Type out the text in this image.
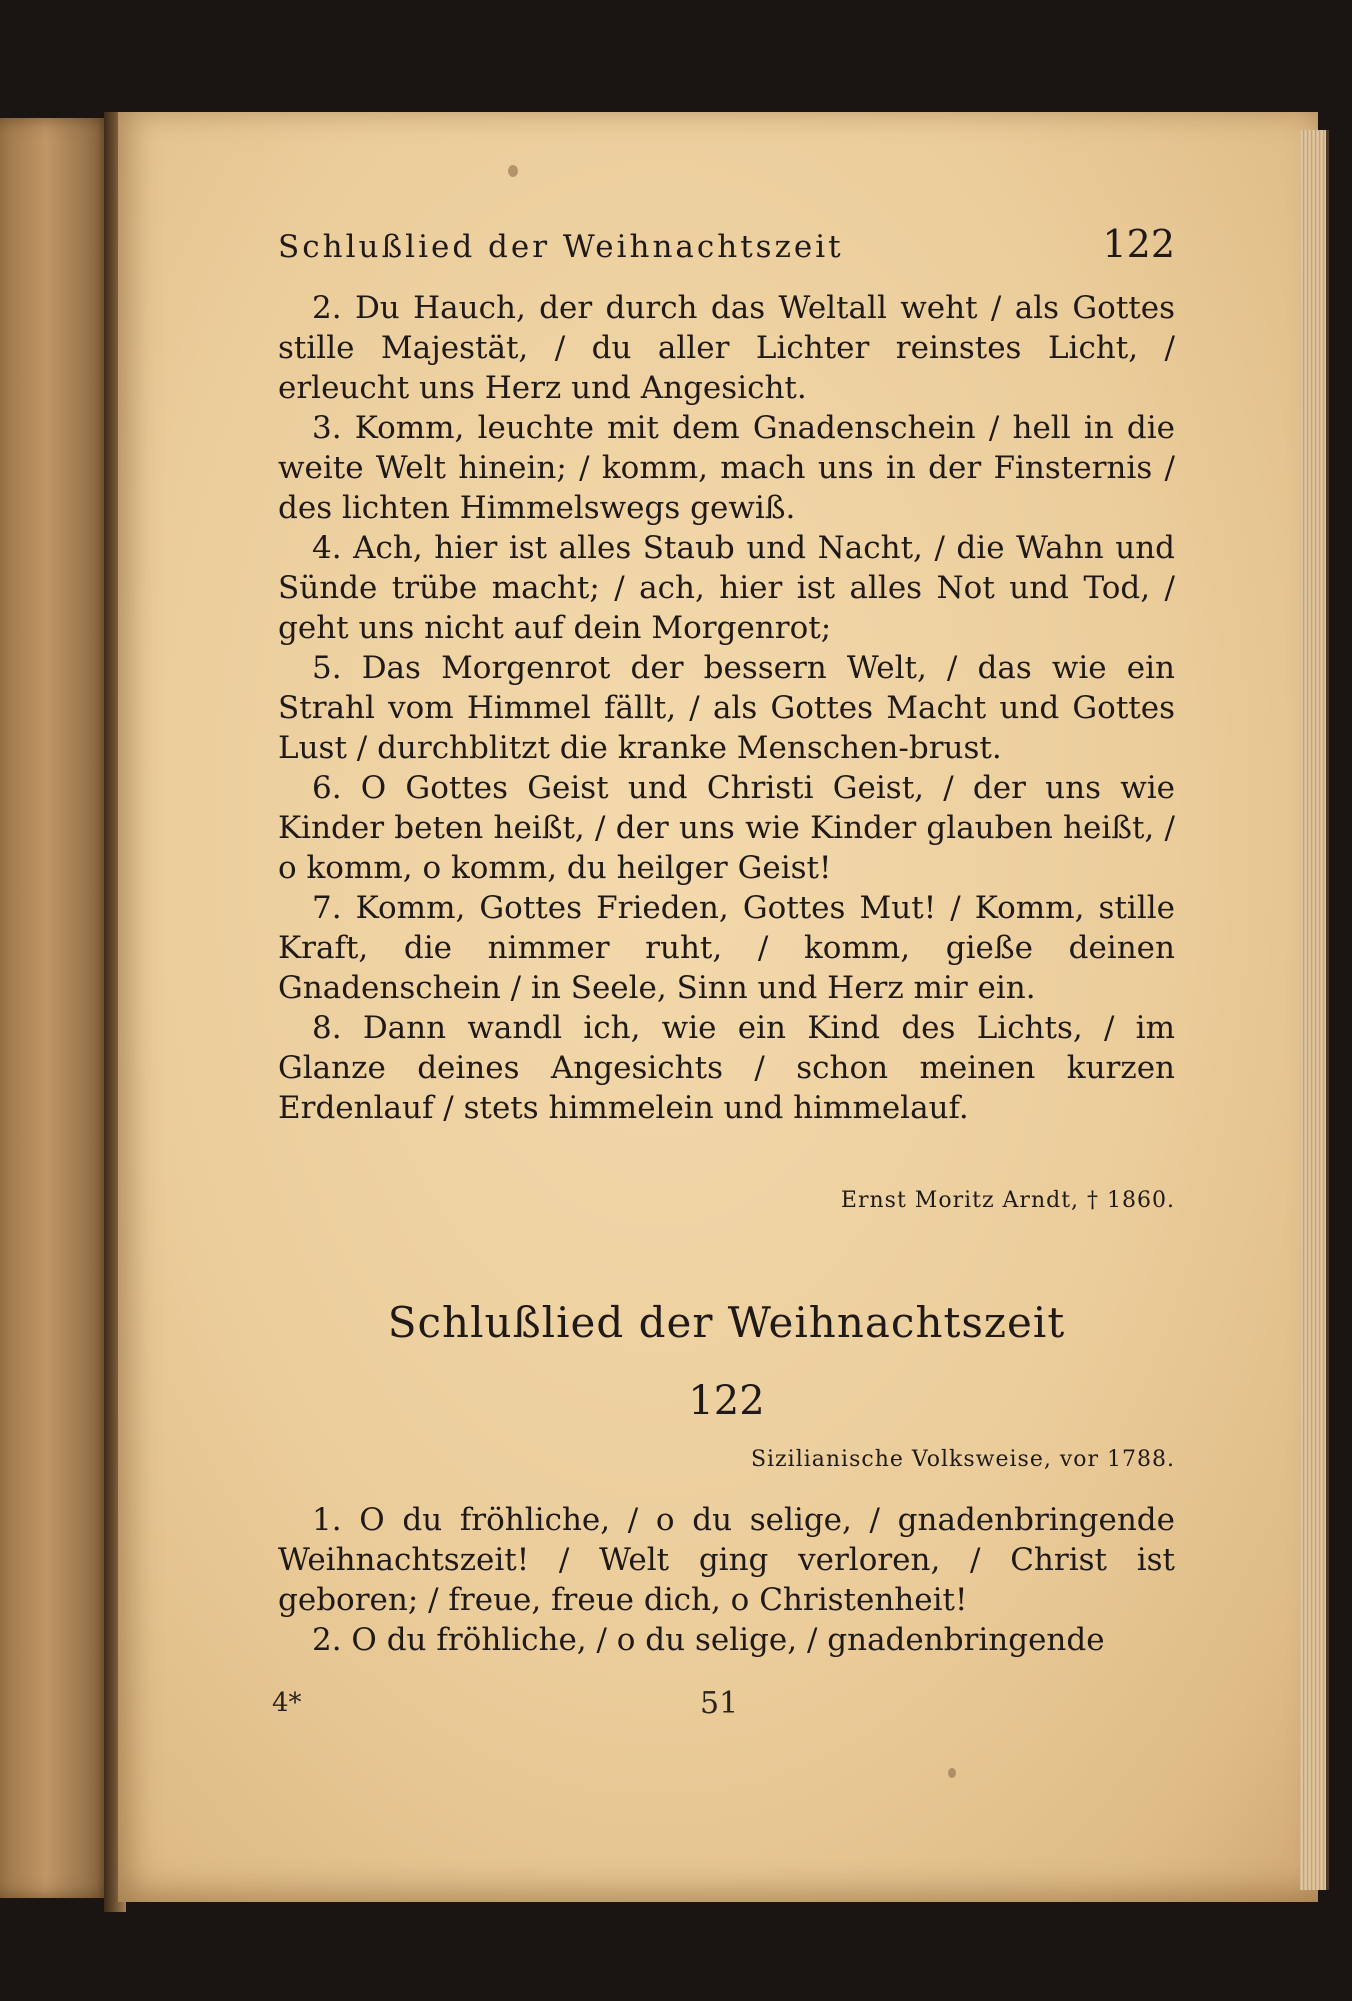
Schlußlied der Weihnachtszeit	122

2. Du Hauch, der durch das Weltall weht / als Gottes stille Majestät, / du aller Lichter reinstes Licht, / erleucht uns Herz und Angesicht.

3. Komm, leuchte mit dem Gnadenschein / hell in die weite Welt hinein; / komm, mach uns in der Finsternis / des lichten Himmelswegs gewiß.

4. Ach, hier ist alles Staub und Nacht, / die Wahn und Sünde trübe macht; / ach, hier ist alles Not und Tod, / geht uns nicht auf dein Morgenrot;

5. Das Morgenrot der bessern Welt, / das wie ein Strahl vom Himmel fällt, / als Gottes Macht und Gottes Lust / durchblitzt die kranke Menschen-brust.

6. O Gottes Geist und Christi Geist, / der uns wie Kinder beten heißt, / der uns wie Kinder glauben heißt, / o komm, o komm, du heilger Geist!

7. Komm, Gottes Frieden, Gottes Mut! / Komm, stille Kraft, die nimmer ruht, / komm, gieße deinen Gnadenschein / in Seele, Sinn und Herz mir ein.

8. Dann wandl ich, wie ein Kind des Lichts, / im Glanze deines Angesichts / schon meinen kurzen Erdenlauf / stets himmelein und himmelauf.

Ernst Moritz Arndt, † 1860.
Schlußlied der Weihnachtszeit
122
Sizilianische Volksweise, vor 1788.

1. O du fröhliche, / o du selige, / gnadenbringende Weihnachtszeit! / Welt ging verloren, / Christ ist geboren; / freue, freue dich, o Christenheit!

2. O du fröhliche, / o du selige, / gnadenbringende

4*	51
